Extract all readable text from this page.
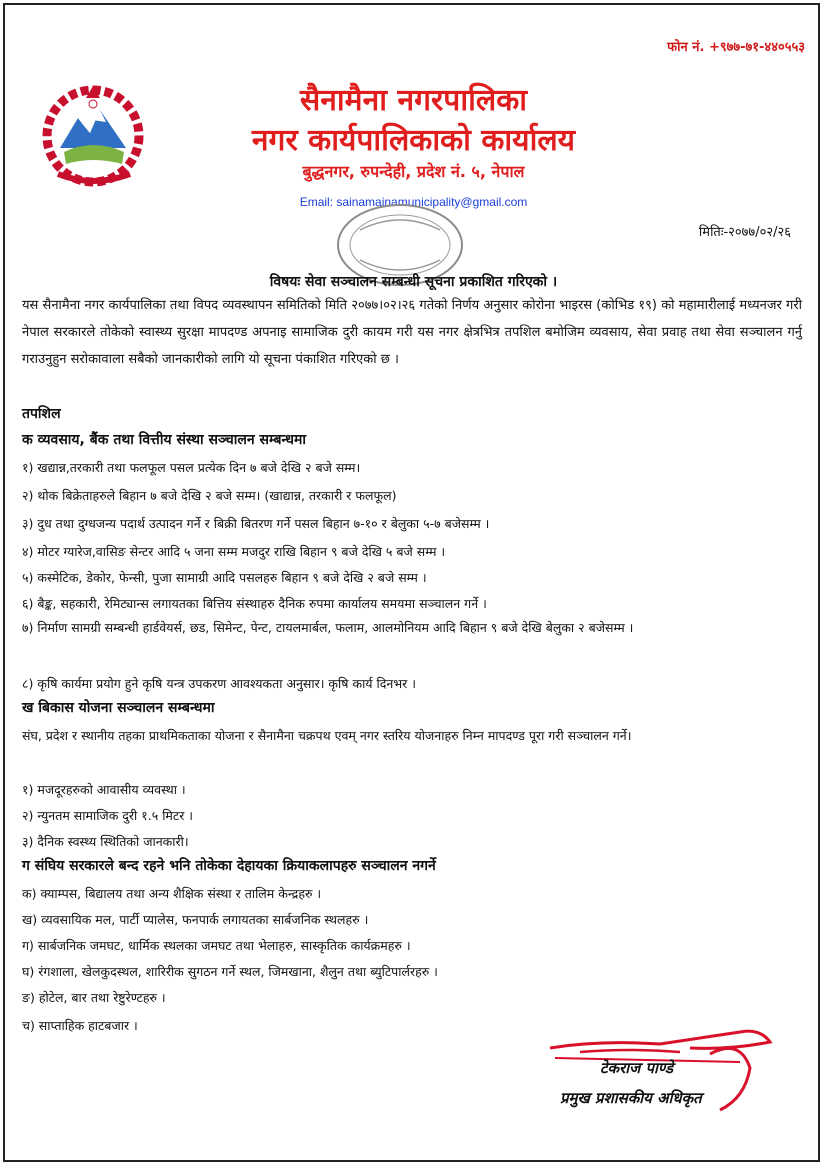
फोन नं. +९७७-७१-४४०५५३
सैनामैना नगरपालिका
नगर कार्यपालिकाको कार्यालय
बुद्धनगर, रुपन्देही, प्रदेश नं. ५, नेपाल
Email: sainamainamunicipality@gmail.com
मितिः-२०७७/०२/२६
विषयः सेवा सञ्चालन सम्बन्धी सूचना प्रकाशित गरिएको ।
यस सैनामैना नगर कार्यपालिका तथा विपद व्यवस्थापन समितिको मिति २०७७।०२।२६ गतेको निर्णय अनुसार कोरोना भाइरस (कोभिड १९) को महामारीलाई मध्यनजर गरी नेपाल सरकारले तोकेको स्वास्थ्य सुरक्षा मापदण्ड अपनाइ सामाजिक दुरी कायम गरी यस नगर क्षेत्रभित्र तपशिल बमोजिम व्यवसाय, सेवा प्रवाह तथा सेवा सञ्चालन गर्नु गराउनुहुन सरोकावाला सबैको जानकारीको लागि यो सूचना पंकाशित गरिएको छ ।
तपशिल
क व्यवसाय, बैंक तथा वित्तीय संस्था सञ्चालन सम्बन्धमा
१) खद्यान्न,तरकारी तथा फलफूल पसल प्रत्येक दिन ७ बजे देखि २ बजे सम्म।
२) थोक बिक्रेताहरुले बिहान ७ बजे देखि २ बजे सम्म। (खाद्यान्न, तरकारी र फलफूल)
३) दुध तथा दुग्धजन्य पदार्थ उत्पादन गर्ने र बिक्री बितरण गर्ने पसल बिहान ७-१० र बेलुका ५-७ बजेसम्म ।
४) मोटर ग्यारेज,वासिङ सेन्टर आदि ५ जना सम्म मजदुर राखि बिहान ९ बजे देखि ५ बजे सम्म ।
५) कस्मेटिक, डेकोर, फेन्सी, पुजा सामाग्री आदि पसलहरु बिहान ९ बजे देखि २ बजे सम्म ।
६) बैङ्क, सहकारी, रेमिट्यान्स लगायतका बित्तिय संस्थाहरु दैनिक रुपमा कार्यालय समयमा सञ्चालन गर्ने ।
७) निर्माण सामग्री सम्बन्धी हार्डवेयर्स, छड, सिमेन्ट, पेन्ट, टायलमार्बल, फलाम, आलमोनियम आदि बिहान ९ बजे देखि बेलुका २ बजेसम्म ।
८) कृषि कार्यमा प्रयोग हुने कृषि यन्त्र उपकरण आवश्यकता अनुसार। कृषि कार्य दिनभर ।
ख बिकास योजना सञ्चालन सम्बन्धमा
संघ, प्रदेश र स्थानीय तहका प्राथमिकताका योजना र सैनामैना चक्रपथ एवम् नगर स्तरिय योजनाहरु निम्न मापदण्ड पूरा गरी सञ्चालन गर्ने।
१) मजदूरहरुको आवासीय व्यवस्था ।
२) न्युनतम सामाजिक दुरी १.५ मिटर ।
३) दैनिक स्वस्थ्य स्थितिको जानकारी।
ग संघिय सरकारले बन्द रहने भनि तोकेका देहायका क्रियाकलापहरु सञ्चालन नगर्ने
क) क्याम्पस, बिद्यालय तथा अन्य शैक्षिक संस्था र तालिम केन्द्रहरु ।
ख) व्यवसायिक मल, पार्टी प्यालेस, फनपार्क लगायतका सार्बजनिक स्थलहरु ।
ग) सार्बजनिक जमघट, धार्मिक स्थलका जमघट तथा भेलाहरु, सास्कृतिक कार्यक्रमहरु ।
घ) रंगशाला, खेलकुदस्थल, शारिरीक सुगठन गर्ने स्थल, जिमखाना, शैलुन तथा ब्युटिपार्लरहरु ।
ङ) होटेल, बार तथा रेष्टुरेण्टहरु ।
च) साप्ताहिक हाटबजार ।
टेकराज पाण्डे
प्रमुख प्रशासकीय अधिकृत
